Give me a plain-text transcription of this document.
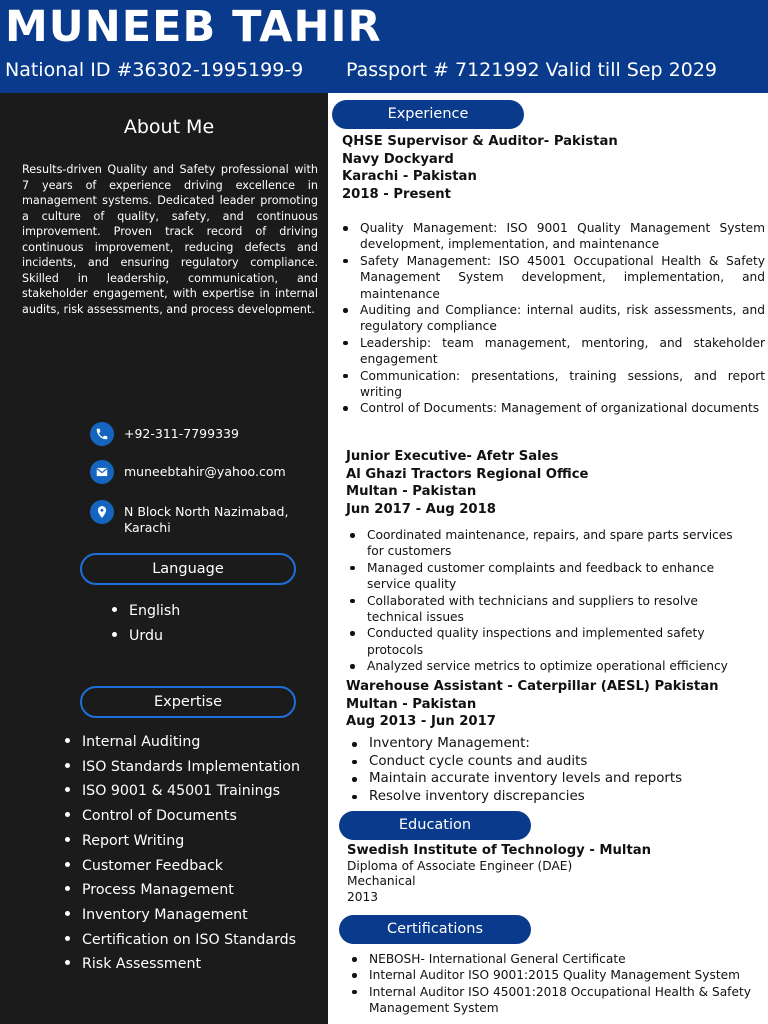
MUNEEB TAHIR
National ID #36302-1995199-9 Passport # 7121992 Valid till Sep 2029
About Me
Results-driven Quality and Safety professional with 7 years of experience driving excellence in management systems. Dedicated leader promoting a culture of quality, safety, and continuous improvement. Proven track record of driving continuous improvement, reducing defects and incidents, and ensuring regulatory compliance. Skilled in leadership, communication, and stakeholder engagement, with expertise in internal audits, risk assessments, and process development.
+92-311-7799339
muneebtahir@yahoo.com
N Block North Nazimabad,
Karachi
Language
English
Urdu
Expertise
Internal Auditing
ISO Standards Implementation
ISO 9001 & 45001 Trainings
Control of Documents
Report Writing
Customer Feedback
Process Management
Inventory Management
Certification on ISO Standards
Risk Assessment
Experience
QHSE Supervisor & Auditor- Pakistan
Navy Dockyard
Karachi - Pakistan
2018 - Present
Quality Management: ISO 9001 Quality Management System development, implementation, and maintenance
Safety Management: ISO 45001 Occupational Health & Safety Management System development, implementation, and maintenance
Auditing and Compliance: internal audits, risk assessments, and regulatory compliance
Leadership: team management, mentoring, and stakeholder engagement
Communication: presentations, training sessions, and report writing
Control of Documents: Management of organizational documents
Junior Executive- Afetr Sales
Al Ghazi Tractors Regional Office
Multan - Pakistan
Jun 2017 - Aug 2018
Coordinated maintenance, repairs, and spare parts services for customers
Managed customer complaints and feedback to enhance service quality
Collaborated with technicians and suppliers to resolve technical issues
Conducted quality inspections and implemented safety protocols
Analyzed service metrics to optimize operational efficiency
Warehouse Assistant - Caterpillar (AESL) Pakistan
Multan - Pakistan
Aug 2013 - Jun 2017
Inventory Management:
Conduct cycle counts and audits
Maintain accurate inventory levels and reports
Resolve inventory discrepancies
Education
Swedish Institute of Technology - Multan
Diploma of Associate Engineer (DAE)
Mechanical
2013
Certifications
NEBOSH- International General Certificate
Internal Auditor ISO 9001:2015 Quality Management System
Internal Auditor ISO 45001:2018 Occupational Health & Safety Management System
